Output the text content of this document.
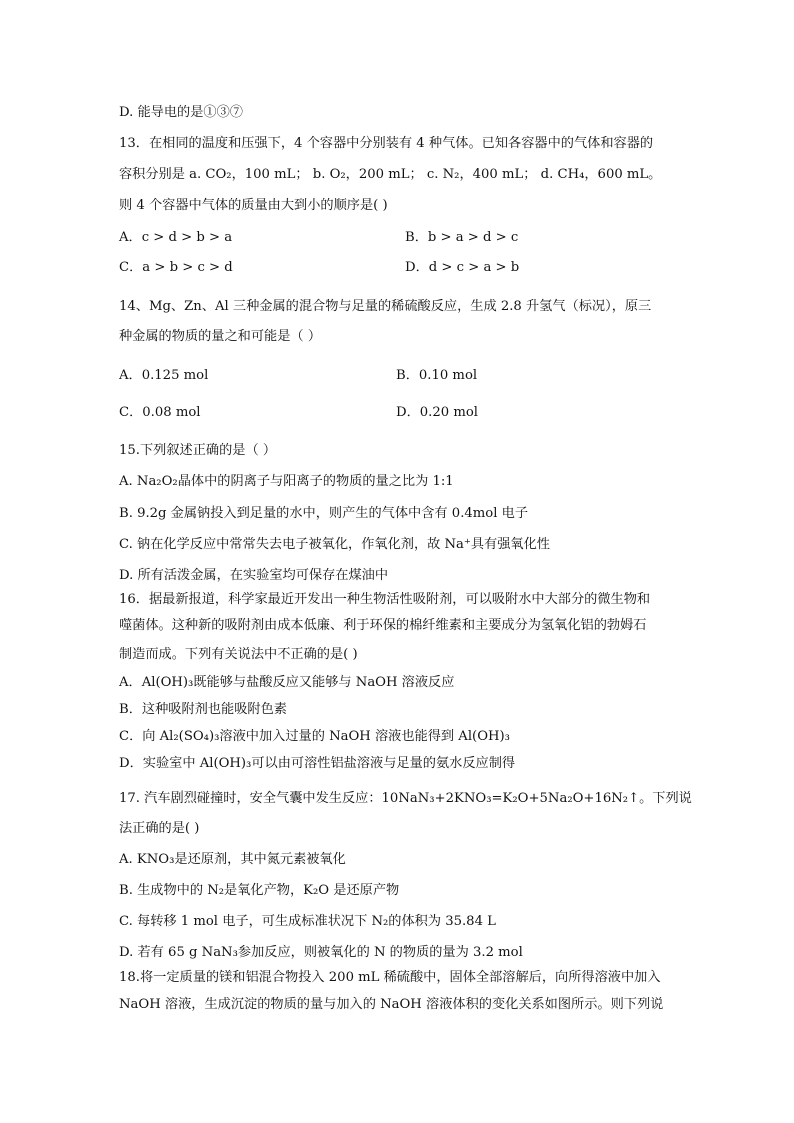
D. 能导电的是①③⑦
13．在相同的温度和压强下，4 个容器中分别装有 4 种气体。已知各容器中的气体和容器的
容积分别是 a. CO₂，100 mL； b. O₂，200 mL； c. N₂，400 mL； d. CH₄，600 mL。
则 4 个容器中气体的质量由大到小的顺序是( )
A．c > d > b > a	B．b > a > d > c
C．a > b > c > d	D．d > c > a > b
14、Mg、Zn、Al 三种金属的混合物与足量的稀硫酸反应，生成 2.8 升氢气（标况），原三
种金属的物质的量之和可能是（ ）
A．0.125 mol	B．0.10 mol
C．0.08 mol	D．0.20 mol
15.下列叙述正确的是（ ）
A. Na₂O₂晶体中的阴离子与阳离子的物质的量之比为 1:1
B. 9.2g 金属钠投入到足量的水中，则产生的气体中含有 0.4mol 电子
C. 钠在化学反应中常常失去电子被氧化，作氧化剂，故 Na⁺具有强氧化性
D. 所有活泼金属，在实验室均可保存在煤油中
16．据最新报道，科学家最近开发出一种生物活性吸附剂，可以吸附水中大部分的微生物和
噬菌体。这种新的吸附剂由成本低廉、利于环保的棉纤维素和主要成分为氢氧化铝的勃姆石
制造而成。下列有关说法中不正确的是( )
A．Al(OH)₃既能够与盐酸反应又能够与 NaOH 溶液反应
B．这种吸附剂也能吸附色素
C．向 Al₂(SO₄)₃溶液中加入过量的 NaOH 溶液也能得到 Al(OH)₃
D．实验室中 Al(OH)₃可以由可溶性铝盐溶液与足量的氨水反应制得
17. 汽车剧烈碰撞时，安全气囊中发生反应：10NaN₃+2KNO₃=K₂O+5Na₂O+16N₂↑。下列说
法正确的是( )
A. KNO₃是还原剂，其中氮元素被氧化
B. 生成物中的 N₂是氧化产物，K₂O 是还原产物
C. 每转移 1 mol 电子，可生成标准状况下 N₂的体积为 35.84 L
D. 若有 65 g NaN₃参加反应，则被氧化的 N 的物质的量为 3.2 mol
18.将一定质量的镁和铝混合物投入 200 mL 稀硫酸中，固体全部溶解后，向所得溶液中加入
NaOH 溶液，生成沉淀的物质的量与加入的 NaOH 溶液体积的变化关系如图所示。则下列说
